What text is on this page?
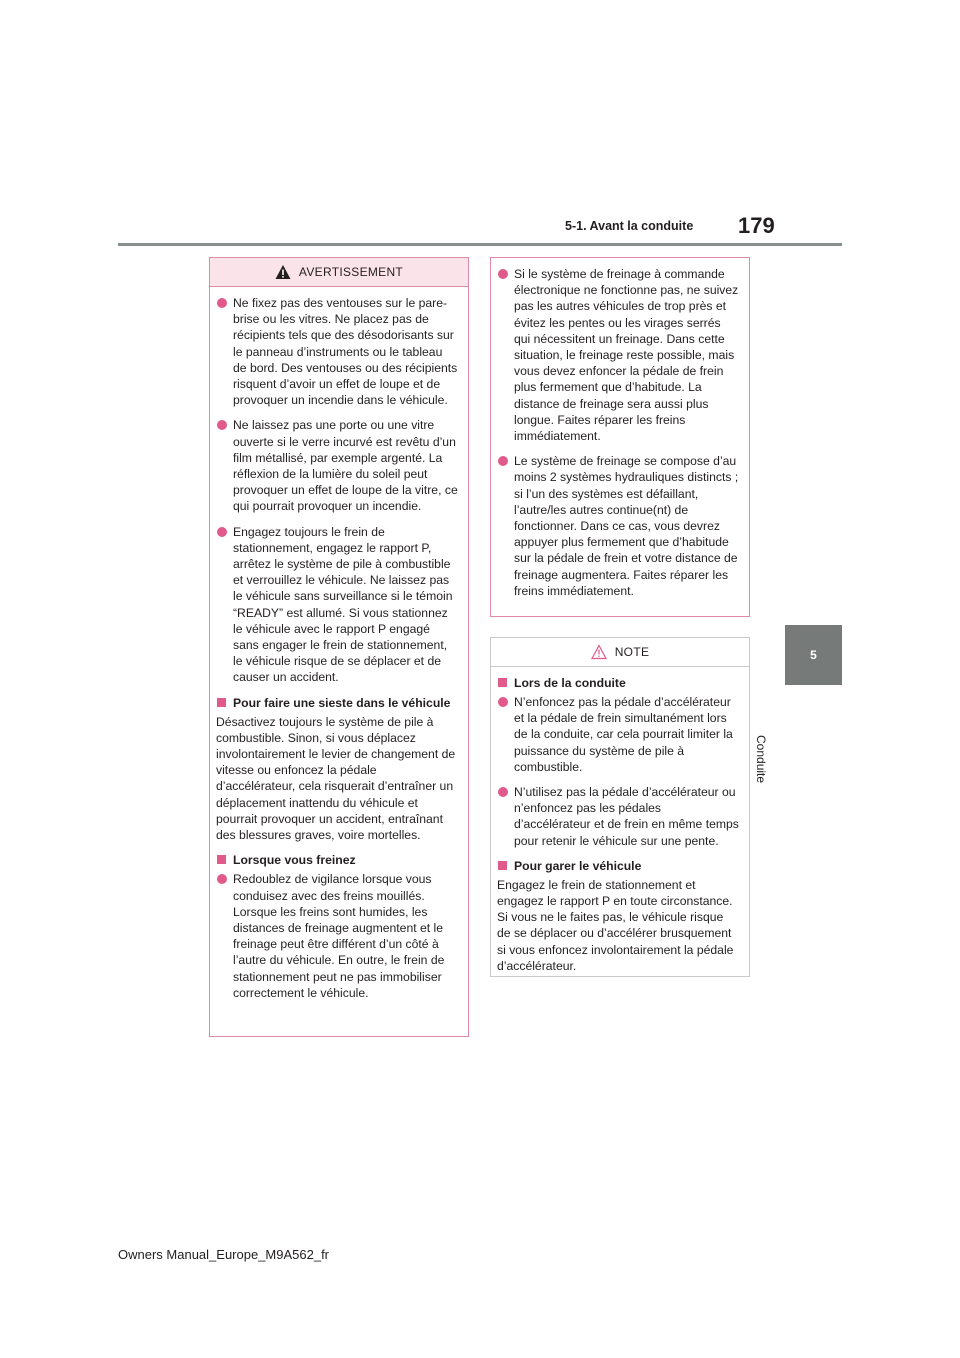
5-1. Avant la conduite 179
5
Conduite
AVERTISSEMENT
Ne fixez pas des ventouses sur le pare-brise ou les vitres. Ne placez pas de récipients tels que des désodorisants sur le panneau d’instruments ou le tableau de bord. Des ventouses ou des récipients risquent d’avoir un effet de loupe et de provoquer un incendie dans le véhicule.
Ne laissez pas une porte ou une vitre ouverte si le verre incurvé est revêtu d’un film métallisé, par exemple argenté. La réflexion de la lumière du soleil peut provoquer un effet de loupe de la vitre, ce qui pourrait provoquer un incendie.
Engagez toujours le frein de stationnement, engagez le rapport P, arrêtez le système de pile à combustible et verrouillez le véhicule. Ne laissez pas le véhicule sans surveillance si le témoin “READY” est allumé. Si vous stationnez le véhicule avec le rapport P engagé sans engager le frein de stationnement, le véhicule risque de se déplacer et de causer un accident.
Pour faire une sieste dans le véhicule
Désactivez toujours le système de pile à combustible. Sinon, si vous déplacez involontairement le levier de changement de vitesse ou enfoncez la pédale d’accélérateur, cela risquerait d’entraîner un déplacement inattendu du véhicule et pourrait provoquer un accident, entraînant des blessures graves, voire mortelles.
Lorsque vous freinez
Redoublez de vigilance lorsque vous conduisez avec des freins mouillés. Lorsque les freins sont humides, les distances de freinage augmentent et le freinage peut être différent d’un côté à l’autre du véhicule. En outre, le frein de stationnement peut ne pas immobiliser correctement le véhicule.
Si le système de freinage à commande électronique ne fonctionne pas, ne suivez pas les autres véhicules de trop près et évitez les pentes ou les virages serrés qui nécessitent un freinage. Dans cette situation, le freinage reste possible, mais vous devez enfoncer la pédale de frein plus fermement que d’habitude. La distance de freinage sera aussi plus longue. Faites réparer les freins immédiatement.
Le système de freinage se compose d’au moins 2 systèmes hydrauliques distincts ; si l’un des systèmes est défaillant, l’autre/les autres continue(nt) de fonctionner. Dans ce cas, vous devrez appuyer plus fermement que d’habitude sur la pédale de frein et votre distance de freinage augmentera. Faites réparer les freins immédiatement.
NOTE
Lors de la conduite
N’enfoncez pas la pédale d’accélérateur et la pédale de frein simultanément lors de la conduite, car cela pourrait limiter la puissance du système de pile à combustible.
N’utilisez pas la pédale d’accélérateur ou n’enfoncez pas les pédales d’accélérateur et de frein en même temps pour retenir le véhicule sur une pente.
Pour garer le véhicule
Engagez le frein de stationnement et engagez le rapport P en toute circonstance. Si vous ne le faites pas, le véhicule risque de se déplacer ou d’accélérer brusquement si vous enfoncez involontairement la pédale d’accélérateur.
Owners Manual_Europe_M9A562_fr
